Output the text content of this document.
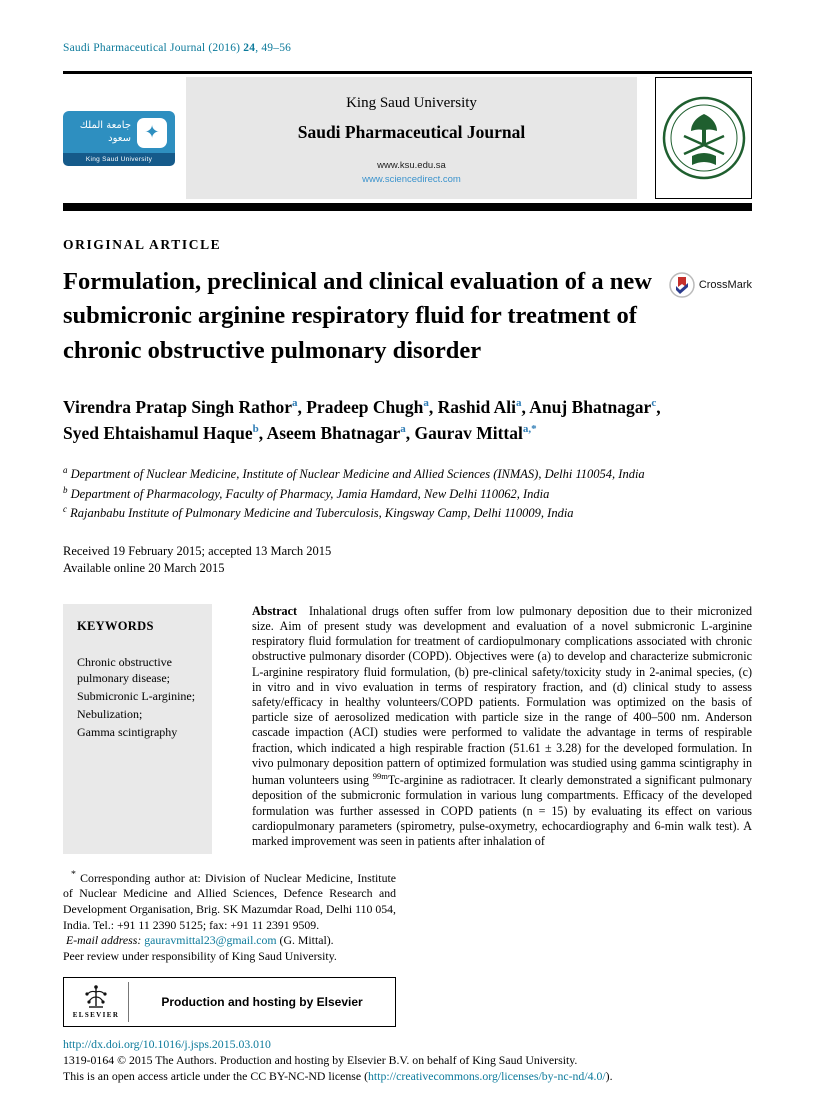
Saudi Pharmaceutical Journal (2016) 24, 49–56
جامعة الملك سعود ✦
King Saud University
King Saud University
Saudi Pharmaceutical Journal
www.ksu.edu.sa
www.sciencedirect.com
ORIGINAL ARTICLE
Formulation, preclinical and clinical evaluation of a new submicronic arginine respiratory fluid for treatment of chronic obstructive pulmonary disorder
CrossMark
Virendra Pratap Singh Rathor$^a$, Pradeep Chugh$^a$, Rashid Ali$^a$, Anuj Bhatnagar$^c$,
Syed Ehtaishamul Haque$^b$, Aseem Bhatnagar$^a$, Gaurav Mittal$^{a,*}$
$^a$ Department of Nuclear Medicine, Institute of Nuclear Medicine and Allied Sciences (INMAS), Delhi 110054, India
$^b$ Department of Pharmacology, Faculty of Pharmacy, Jamia Hamdard, New Delhi 110062, India
$^c$ Rajanbabu Institute of Pulmonary Medicine and Tuberculosis, Kingsway Camp, Delhi 110009, India
Received 19 February 2015; accepted 13 March 2015
Available online 20 March 2015
KEYWORDS
Chronic obstructive pulmonary disease;
Submicronic L-arginine;
Nebulization;
Gamma scintigraphy
Abstract Inhalational drugs often suffer from low pulmonary deposition due to their micronized size. Aim of present study was development and evaluation of a novel submicronic L-arginine respiratory fluid formulation for treatment of cardiopulmonary complications associated with chronic obstructive pulmonary disorder (COPD). Objectives were (a) to develop and characterize submicronic L-arginine respiratory fluid formulation, (b) pre-clinical safety/toxicity study in 2-animal species, (c) in vitro and in vivo evaluation in terms of respiratory fraction, and (d) clinical study to assess safety/efficacy in healthy volunteers/COPD patients. Formulation was optimized on the basis of particle size of aerosolized medication with particle size in the range of 400–500 nm. Anderson cascade impaction (ACI) studies were performed to validate the advantage in terms of respirable fraction, which indicated a high respirable fraction (51.61 ± 3.28) for the developed formulation. In vivo pulmonary deposition pattern of optimized formulation was studied using gamma scintigraphy in human volunteers using $^{99m}$Tc-arginine as radiotracer. It clearly demonstrated a significant pulmonary deposition of the submicronic formulation in various lung compartments. Efficacy of the developed formulation was further assessed in COPD patients (n = 15) by evaluating its effect on various cardiopulmonary parameters (spirometry, pulse-oxymetry, echocardiography and 6-min walk test). A marked improvement was seen in patients after inhalation of

* Corresponding author at: Division of Nuclear Medicine, Institute of Nuclear Medicine and Allied Sciences, Defence Research and Development Organisation, Brig. SK Mazumdar Road, Delhi 110 054, India. Tel.: +91 11 2390 5125; fax: +91 11 2391 9509.

E-mail address: gauravmittal23@gmail.com (G. Mittal).

Peer review under responsibility of King Saud University.

ELSEVIER
Production and hosting by Elsevier
http://dx.doi.org/10.1016/j.jsps.2015.03.010
1319-0164 © 2015 The Authors. Production and hosting by Elsevier B.V. on behalf of King Saud University.
This is an open access article under the CC BY-NC-ND license (http://creativecommons.org/licenses/by-nc-nd/4.0/).
